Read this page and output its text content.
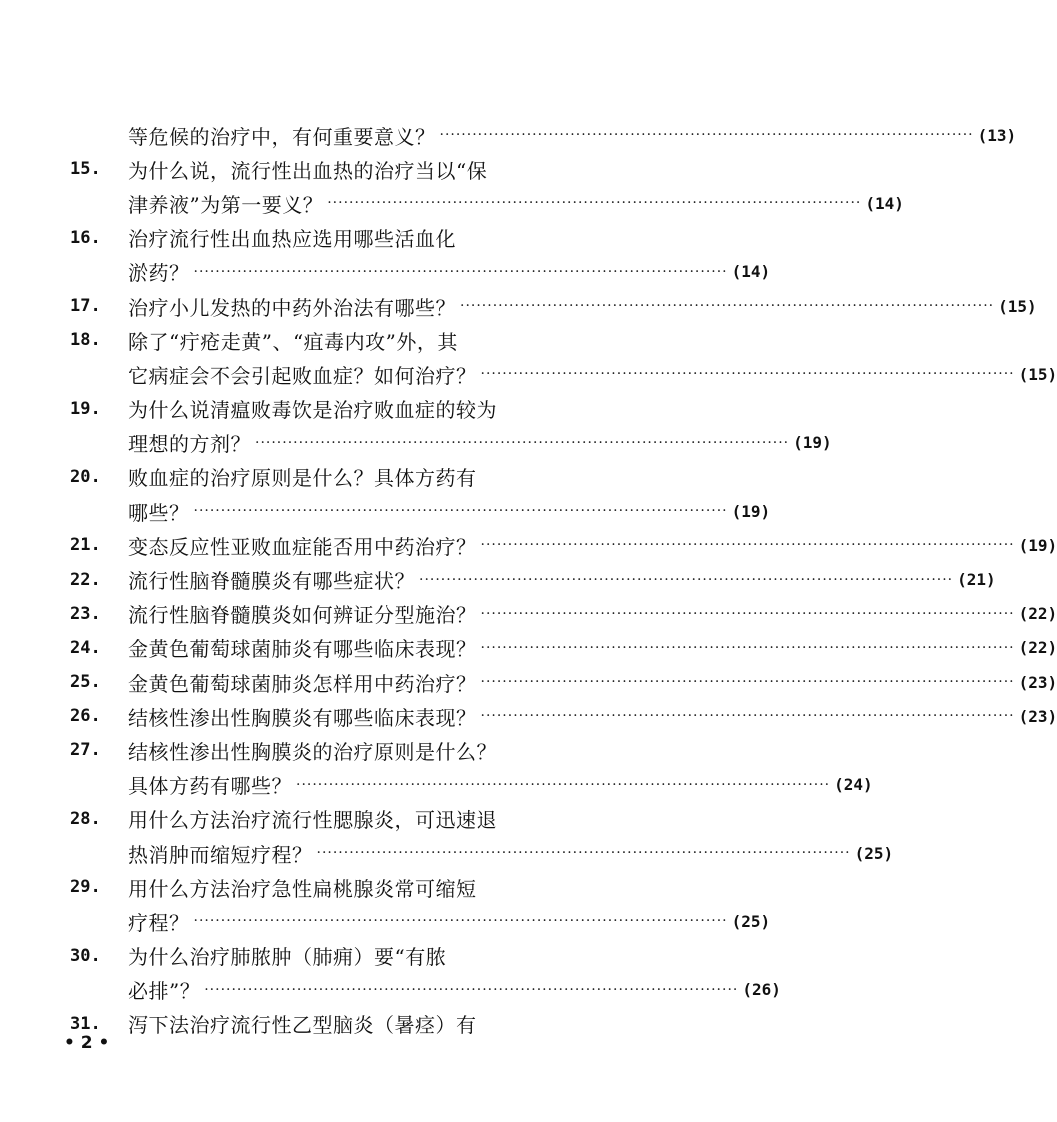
等危候的治疗中，有何重要意义？ ·································································································· (13)
15.	为什么说，流行性出血热的治疗当以“保
津养液”为第一要义？ ·································································································· (14)
16.	治疗流行性出血热应选用哪些活血化
淤药？ ·································································································· (14)
17.	治疗小儿发热的中药外治法有哪些？ ·································································································· (15)
18.	除了“疔疮走黄”、“疽毒内攻”外，其
它病症会不会引起败血症？如何治疗？ ·································································································· (15)
19.	为什么说清瘟败毒饮是治疗败血症的较为
理想的方剂？ ·································································································· (19)
20.	败血症的治疗原则是什么？具体方药有
哪些？ ·································································································· (19)
21.	变态反应性亚败血症能否用中药治疗？ ·································································································· (19)
22.	流行性脑脊髓膜炎有哪些症状？ ·································································································· (21)
23.	流行性脑脊髓膜炎如何辨证分型施治？ ·································································································· (22)
24.	金黄色葡萄球菌肺炎有哪些临床表现？ ·································································································· (22)
25.	金黄色葡萄球菌肺炎怎样用中药治疗？ ·································································································· (23)
26.	结核性渗出性胸膜炎有哪些临床表现？ ·································································································· (23)
27.	结核性渗出性胸膜炎的治疗原则是什么？
具体方药有哪些？ ·································································································· (24)
28.	用什么方法治疗流行性腮腺炎，可迅速退
热消肿而缩短疗程？ ·································································································· (25)
29.	用什么方法治疗急性扁桃腺炎常可缩短
疗程？ ·································································································· (25)
30.	为什么治疗肺脓肿（肺痈）要“有脓
必排”？ ·································································································· (26)
31.	泻下法治疗流行性乙型脑炎（暑痉）有
• 2 •
